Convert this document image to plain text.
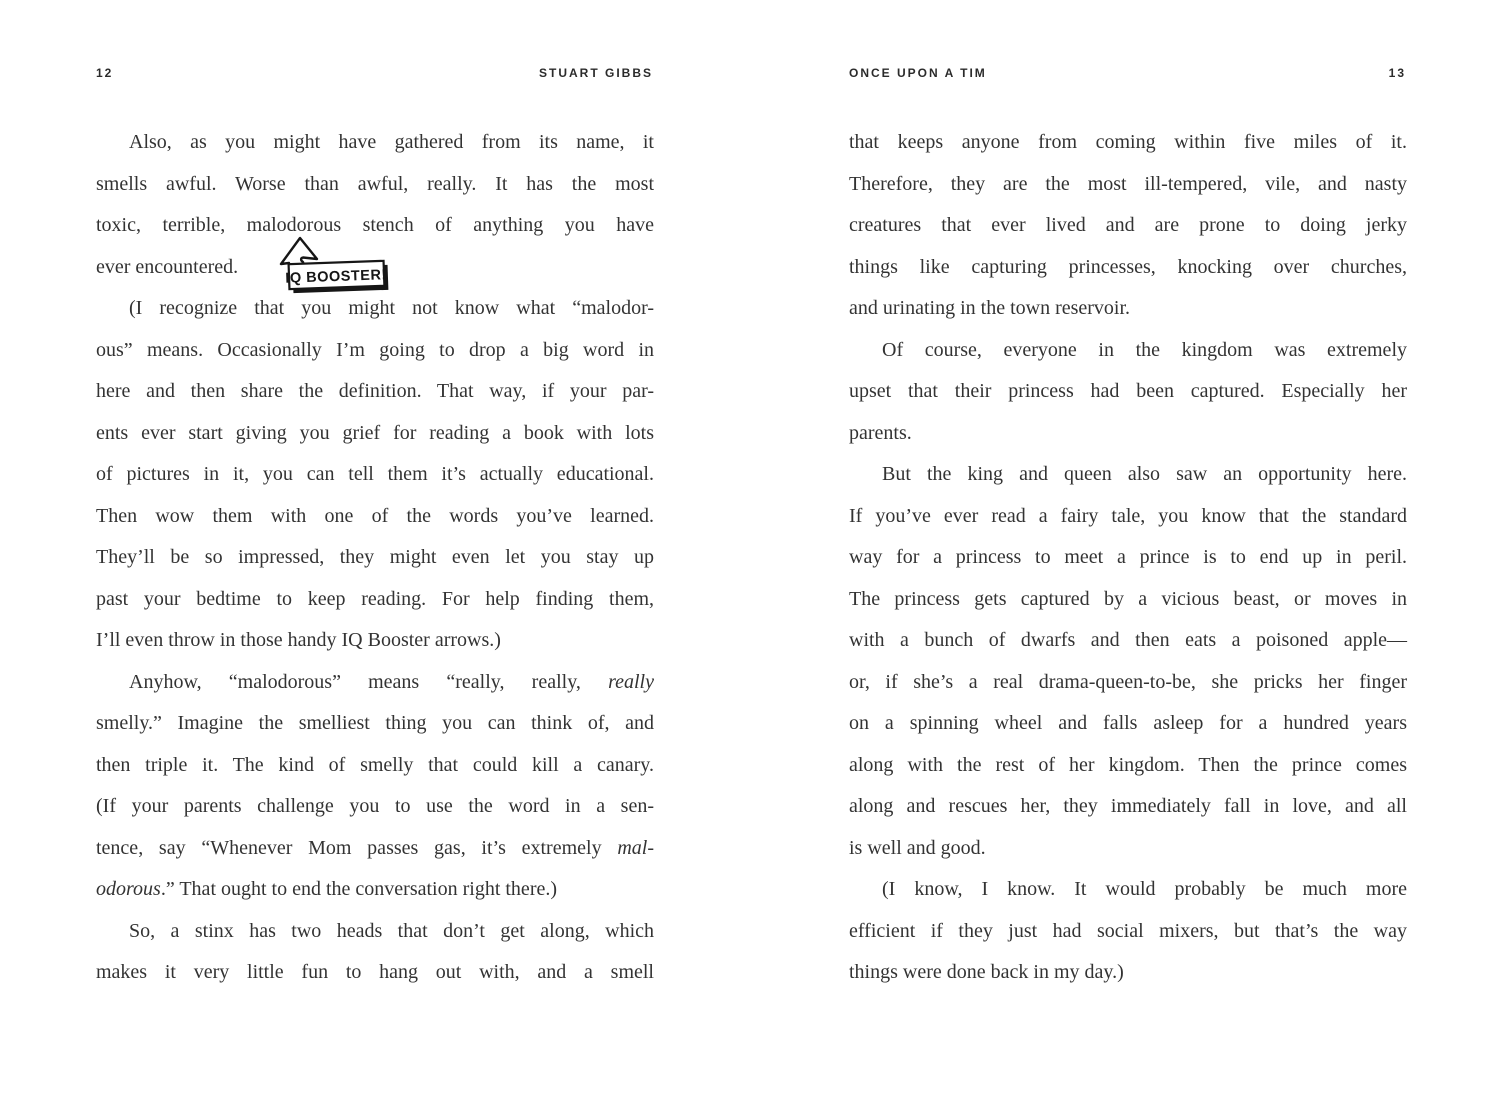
12	STUART GIBBS
Also, as you might have gathered from its name, it
smells awful. Worse than awful, really. It has the most
toxic, terrible, malodorous stench of anything you have
ever encountered.
(I recognize that you might not know what “malodor-
ous” means. Occasionally I’m going to drop a big word in
here and then share the definition. That way, if your par-
ents ever start giving you grief for reading a book with lots
of pictures in it, you can tell them it’s actually educational.
Then wow them with one of the words you’ve learned.
They’ll be so impressed, they might even let you stay up
past your bedtime to keep reading. For help finding them,
I’ll even throw in those handy IQ Booster arrows.)
Anyhow, “malodorous” means “really, really, really
smelly.” Imagine the smelliest thing you can think of, and
then triple it. The kind of smelly that could kill a canary.
(If your parents challenge you to use the word in a sen-
tence, say “Whenever Mom passes gas, it’s extremely mal-
odorous.” That ought to end the conversation right there.)
So, a stinx has two heads that don’t get along, which
makes it very little fun to hang out with, and a smell
ONCE UPON A TIM	13
that keeps anyone from coming within five miles of it.
Therefore, they are the most ill-tempered, vile, and nasty
creatures that ever lived and are prone to doing jerky
things like capturing princesses, knocking over churches,
and urinating in the town reservoir.
Of course, everyone in the kingdom was extremely
upset that their princess had been captured. Especially her
parents.
But the king and queen also saw an opportunity here.
If you’ve ever read a fairy tale, you know that the standard
way for a princess to meet a prince is to end up in peril.
The princess gets captured by a vicious beast, or moves in
with a bunch of dwarfs and then eats a poisoned apple—
or, if she’s a real drama-queen-to-be, she pricks her finger
on a spinning wheel and falls asleep for a hundred years
along with the rest of her kingdom. Then the prince comes
along and rescues her, they immediately fall in love, and all
is well and good.
(I know, I know. It would probably be much more
efficient if they just had social mixers, but that’s the way
things were done back in my day.)
IQ BOOSTER!
